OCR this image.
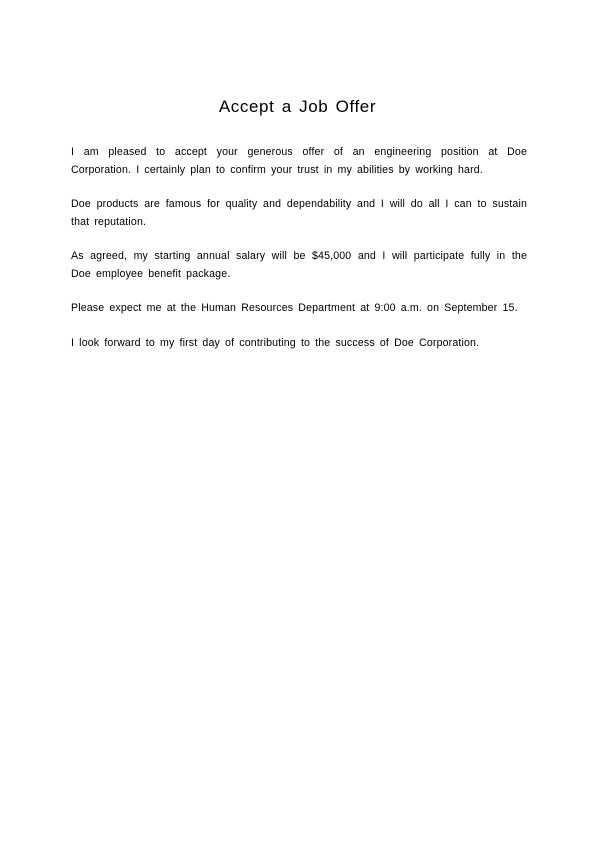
Accept a Job Offer

I am pleased to accept your generous offer of an engineering position at Doe Corporation. I certainly plan to confirm your trust in my abilities by working hard.

Doe products are famous for quality and dependability and I will do all I can to sustain that reputation.

As agreed, my starting annual salary will be $45,000 and I will participate fully in the Doe employee benefit package.

Please expect me at the Human Resources Department at 9:00 a.m. on September 15.

I look forward to my first day of contributing to the success of Doe Corporation.
